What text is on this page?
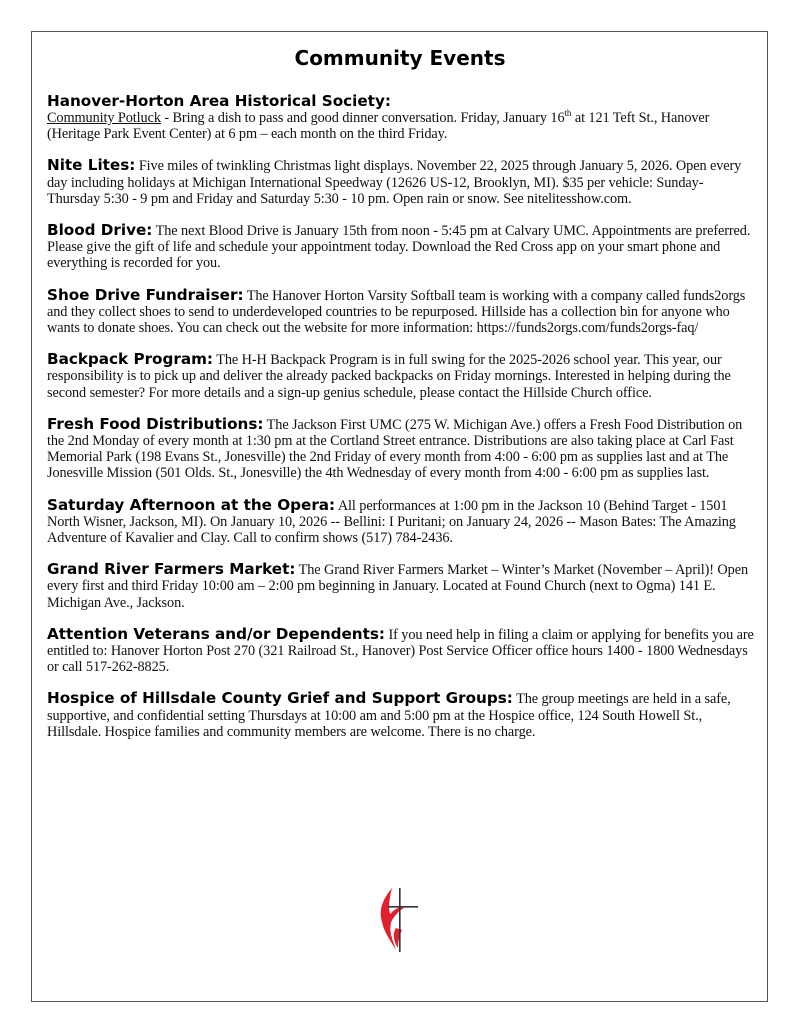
Community Events
Hanover-Horton Area Historical Society:
Community Potluck - Bring a dish to pass and good dinner conversation. Friday, January 16th at 121 Teft St., Hanover (Heritage Park Event Center) at 6 pm – each month on the third Friday.
Nite Lites: Five miles of twinkling Christmas light displays. November 22, 2025 through January 5, 2026. Open every day including holidays at Michigan International Speedway (12626 US-12, Brooklyn, MI). $35 per vehicle: Sunday-Thursday 5:30 - 9 pm and Friday and Saturday 5:30 - 10 pm. Open rain or snow. See nitelitesshow.com.
Blood Drive: The next Blood Drive is January 15th from noon - 5:45 pm at Calvary UMC. Appointments are preferred. Please give the gift of life and schedule your appointment today. Download the Red Cross app on your smart phone and everything is recorded for you.
Shoe Drive Fundraiser: The Hanover Horton Varsity Softball team is working with a company called funds2orgs and they collect shoes to send to underdeveloped countries to be repurposed. Hillside has a collection bin for anyone who wants to donate shoes. You can check out the website for more information: https://funds2orgs.com/funds2orgs-faq/
Backpack Program: The H-H Backpack Program is in full swing for the 2025-2026 school year. This year, our responsibility is to pick up and deliver the already packed backpacks on Friday mornings. Interested in helping during the second semester? For more details and a sign-up genius schedule, please contact the Hillside Church office.
Fresh Food Distributions: The Jackson First UMC (275 W. Michigan Ave.) offers a Fresh Food Distribution on the 2nd Monday of every month at 1:30 pm at the Cortland Street entrance. Distributions are also taking place at Carl Fast Memorial Park (198 Evans St., Jonesville) the 2nd Friday of every month from 4:00 - 6:00 pm as supplies last and at The Jonesville Mission (501 Olds. St., Jonesville) the 4th Wednesday of every month from 4:00 - 6:00 pm as supplies last.
Saturday Afternoon at the Opera: All performances at 1:00 pm in the Jackson 10 (Behind Target - 1501 North Wisner, Jackson, MI). On January 10, 2026 -- Bellini: I Puritani; on January 24, 2026 -- Mason Bates: The Amazing Adventure of Kavalier and Clay. Call to confirm shows (517) 784-2436.
Grand River Farmers Market: The Grand River Farmers Market – Winter’s Market (November – April)! Open every first and third Friday 10:00 am – 2:00 pm beginning in January. Located at Found Church (next to Ogma) 141 E. Michigan Ave., Jackson.
Attention Veterans and/or Dependents: If you need help in filing a claim or applying for benefits you are entitled to: Hanover Horton Post 270 (321 Railroad St., Hanover) Post Service Officer office hours 1400 - 1800 Wednesdays or call 517-262-8825.
Hospice of Hillsdale County Grief and Support Groups: The group meetings are held in a safe, supportive, and confidential setting Thursdays at 10:00 am and 5:00 pm at the Hospice office, 124 South Howell St., Hillsdale. Hospice families and community members are welcome. There is no charge.
